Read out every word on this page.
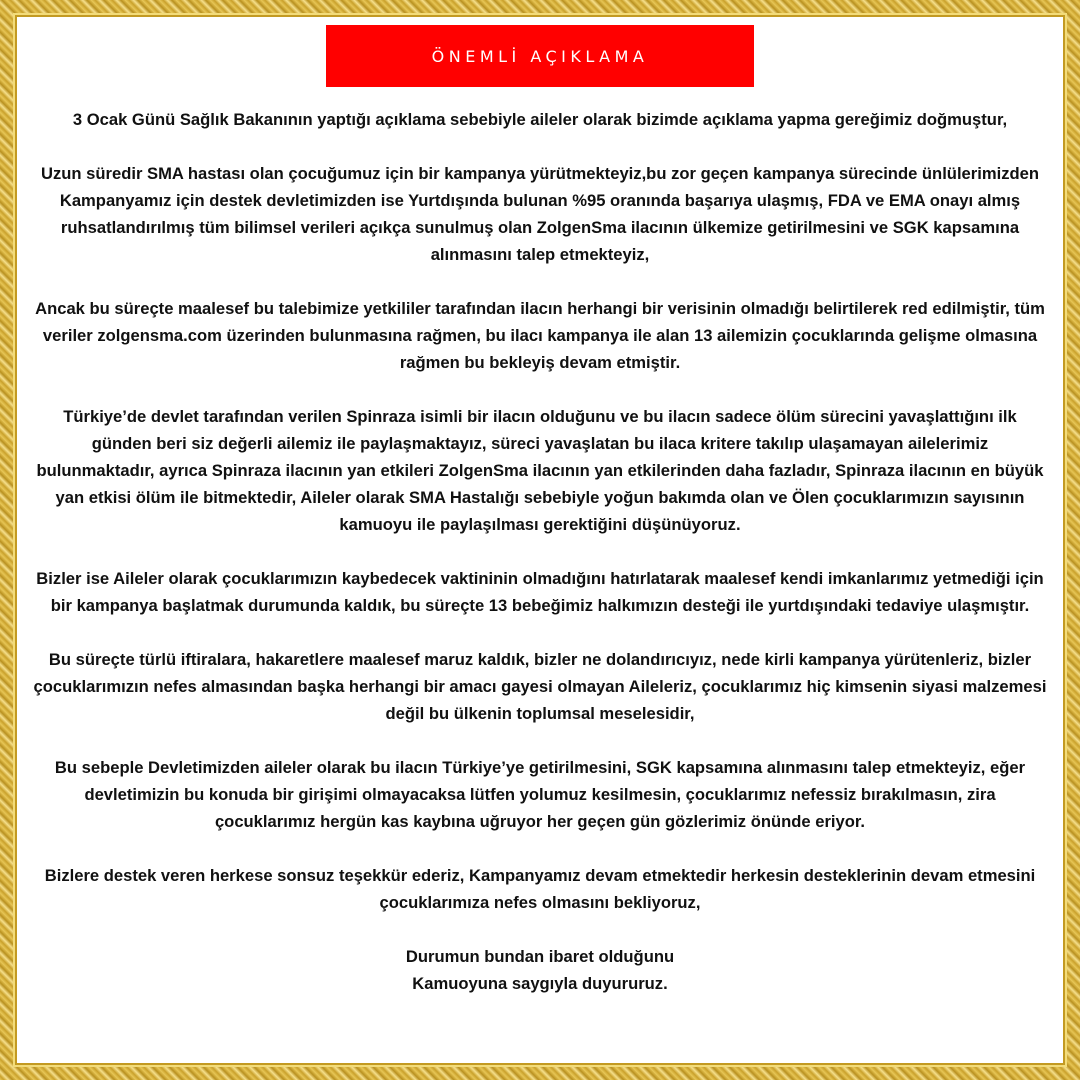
ÖNEMLİ AÇIKLAMA

3 Ocak Günü Sağlık Bakanının yaptığı açıklama sebebiyle aileler olarak bizimde açıklama yapma gereğimiz doğmuştur,

Uzun süredir SMA hastası olan çocuğumuz için bir kampanya yürütmekteyiz,bu zor geçen kampanya sürecinde ünlülerimizden Kampanyamız için destek devletimizden ise Yurtdışında bulunan %95 oranında başarıya ulaşmış, FDA ve EMA onayı almış ruhsatlandırılmış tüm bilimsel verileri açıkça sunulmuş olan ZolgenSma ilacının ülkemize getirilmesini ve SGK kapsamına alınmasını talep etmekteyiz,

Ancak bu süreçte maalesef bu talebimize yetkililer tarafından ilacın herhangi bir verisinin olmadığı belirtilerek red edilmiştir, tüm veriler zolgensma.com üzerinden bulunmasına rağmen, bu ilacı kampanya ile alan 13 ailemizin çocuklarında gelişme olmasına rağmen bu bekleyiş devam etmiştir.

Türkiye’de devlet tarafından verilen Spinraza isimli bir ilacın olduğunu ve bu ilacın sadece ölüm sürecini yavaşlattığını ilk günden beri siz değerli ailemiz ile paylaşmaktayız, süreci yavaşlatan bu ilaca kritere takılıp ulaşamayan ailelerimiz bulunmaktadır, ayrıca Spinraza ilacının yan etkileri ZolgenSma ilacının yan etkilerinden daha fazladır, Spinraza ilacının en büyük yan etkisi ölüm ile bitmektedir, Aileler olarak SMA Hastalığı sebebiyle yoğun bakımda olan ve Ölen çocuklarımızın sayısının kamuoyu ile paylaşılması gerektiğini düşünüyoruz.

Bizler ise Aileler olarak çocuklarımızın kaybedecek vaktininin olmadığını hatırlatarak maalesef kendi imkanlarımız yetmediği için bir kampanya başlatmak durumunda kaldık, bu süreçte 13 bebeğimiz halkımızın desteği ile yurtdışındaki tedaviye ulaşmıştır.

Bu süreçte türlü iftiralara, hakaretlere maalesef maruz kaldık, bizler ne dolandırıcıyız, nede kirli kampanya yürütenleriz, bizler çocuklarımızın nefes almasından başka herhangi bir amacı gayesi olmayan Aileleriz, çocuklarımız hiç kimsenin siyasi malzemesi değil bu ülkenin toplumsal meselesidir,

Bu sebeple Devletimizden aileler olarak bu ilacın Türkiye’ye getirilmesini, SGK kapsamına alınmasını talep etmekteyiz, eğer devletimizin bu konuda bir girişimi olmayacaksa lütfen yolumuz kesilmesin, çocuklarımız nefessiz bırakılmasın, zira çocuklarımız hergün kas kaybına uğruyor her geçen gün gözlerimiz önünde eriyor.

Bizlere destek veren herkese sonsuz teşekkür ederiz, Kampanyamız devam etmektedir herkesin desteklerinin devam etmesini çocuklarımıza nefes olmasını bekliyoruz,

Durumun bundan ibaret olduğunu
Kamuoyuna saygıyla duyururuz.
